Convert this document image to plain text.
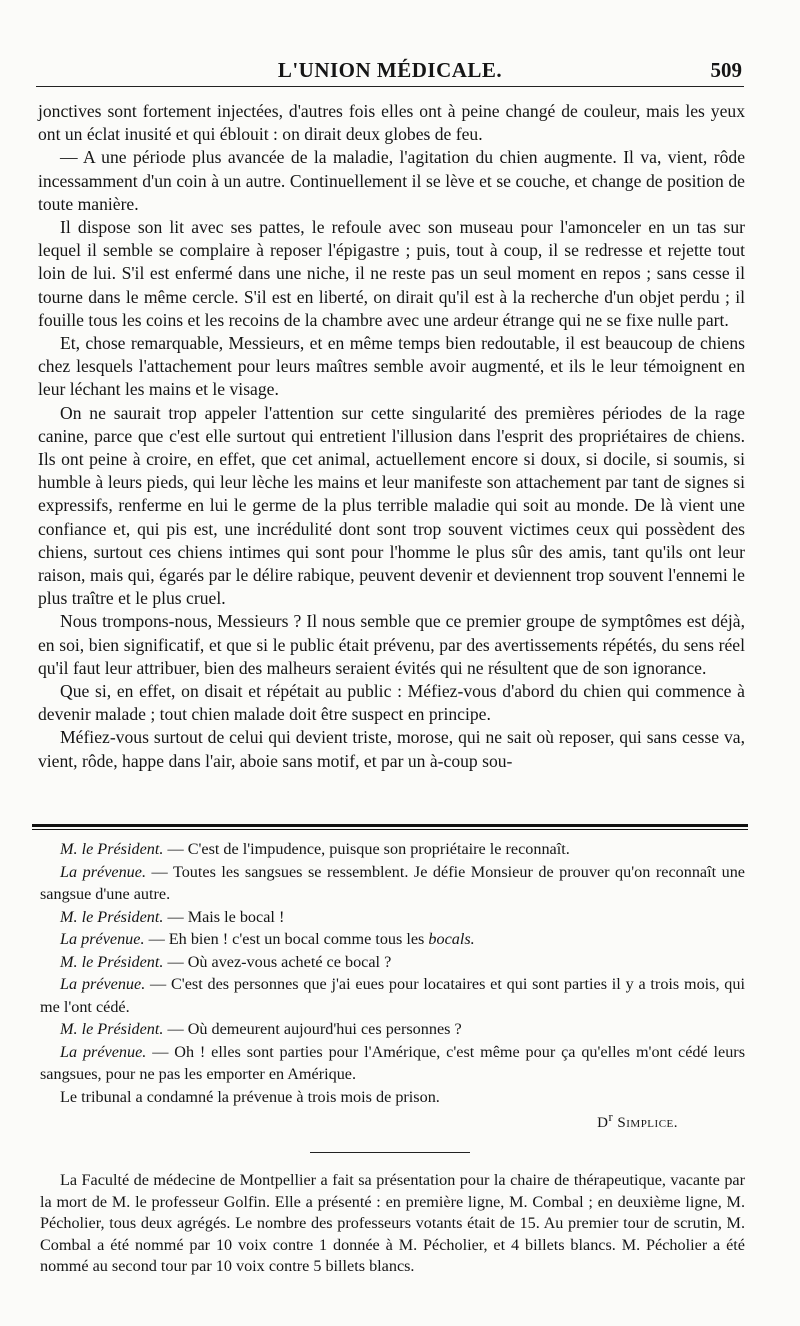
L'UNION MÉDICALE.	509

jonctives sont fortement injectées, d'autres fois elles ont à peine changé de couleur, mais les yeux ont un éclat inusité et qui éblouit : on dirait deux globes de feu.

— A une période plus avancée de la maladie, l'agitation du chien augmente. Il va, vient, rôde incessamment d'un coin à un autre. Continuellement il se lève et se couche, et change de position de toute manière.

Il dispose son lit avec ses pattes, le refoule avec son museau pour l'amonceler en un tas sur lequel il semble se complaire à reposer l'épigastre ; puis, tout à coup, il se redresse et rejette tout loin de lui. S'il est enfermé dans une niche, il ne reste pas un seul moment en repos ; sans cesse il tourne dans le même cercle. S'il est en liberté, on dirait qu'il est à la recherche d'un objet perdu ; il fouille tous les coins et les recoins de la chambre avec une ardeur étrange qui ne se fixe nulle part.

Et, chose remarquable, Messieurs, et en même temps bien redoutable, il est beaucoup de chiens chez lesquels l'attachement pour leurs maîtres semble avoir augmenté, et ils le leur témoignent en leur léchant les mains et le visage.

On ne saurait trop appeler l'attention sur cette singularité des premières périodes de la rage canine, parce que c'est elle surtout qui entretient l'illusion dans l'esprit des propriétaires de chiens. Ils ont peine à croire, en effet, que cet animal, actuellement encore si doux, si docile, si soumis, si humble à leurs pieds, qui leur lèche les mains et leur manifeste son attachement par tant de signes si expressifs, renferme en lui le germe de la plus terrible maladie qui soit au monde. De là vient une confiance et, qui pis est, une incrédulité dont sont trop souvent victimes ceux qui possèdent des chiens, surtout ces chiens intimes qui sont pour l'homme le plus sûr des amis, tant qu'ils ont leur raison, mais qui, égarés par le délire rabique, peuvent devenir et deviennent trop souvent l'ennemi le plus traître et le plus cruel.

Nous trompons-nous, Messieurs ? Il nous semble que ce premier groupe de symptômes est déjà, en soi, bien significatif, et que si le public était prévenu, par des avertissements répétés, du sens réel qu'il faut leur attribuer, bien des malheurs seraient évités qui ne résultent que de son ignorance.

Que si, en effet, on disait et répétait au public : Méfiez-vous d'abord du chien qui commence à devenir malade ; tout chien malade doit être suspect en principe.

Méfiez-vous surtout de celui qui devient triste, morose, qui ne sait où reposer, qui sans cesse va, vient, rôde, happe dans l'air, aboie sans motif, et par un à-coup sou-

M. le Président. — C'est de l'impudence, puisque son propriétaire le reconnaît.

La prévenue. — Toutes les sangsues se ressemblent. Je défie Monsieur de prouver qu'on reconnaît une sangsue d'une autre.

M. le Président. — Mais le bocal !

La prévenue. — Eh bien ! c'est un bocal comme tous les bocals.

M. le Président. — Où avez-vous acheté ce bocal ?

La prévenue. — C'est des personnes que j'ai eues pour locataires et qui sont parties il y a trois mois, qui me l'ont cédé.

M. le Président. — Où demeurent aujourd'hui ces personnes ?

La prévenue. — Oh ! elles sont parties pour l'Amérique, c'est même pour ça qu'elles m'ont cédé leurs sangsues, pour ne pas les emporter en Amérique.

Le tribunal a condamné la prévenue à trois mois de prison.

$D^r$ Simplice.

La Faculté de médecine de Montpellier a fait sa présentation pour la chaire de thérapeutique, vacante par la mort de M. le professeur Golfin. Elle a présenté : en première ligne, M. Combal ; en deuxième ligne, M. Pécholier, tous deux agrégés. Le nombre des professeurs votants était de 15. Au premier tour de scrutin, M. Combal a été nommé par 10 voix contre 1 donnée à M. Pécholier, et 4 billets blancs. M. Pécholier a été nommé au second tour par 10 voix contre 5 billets blancs.
